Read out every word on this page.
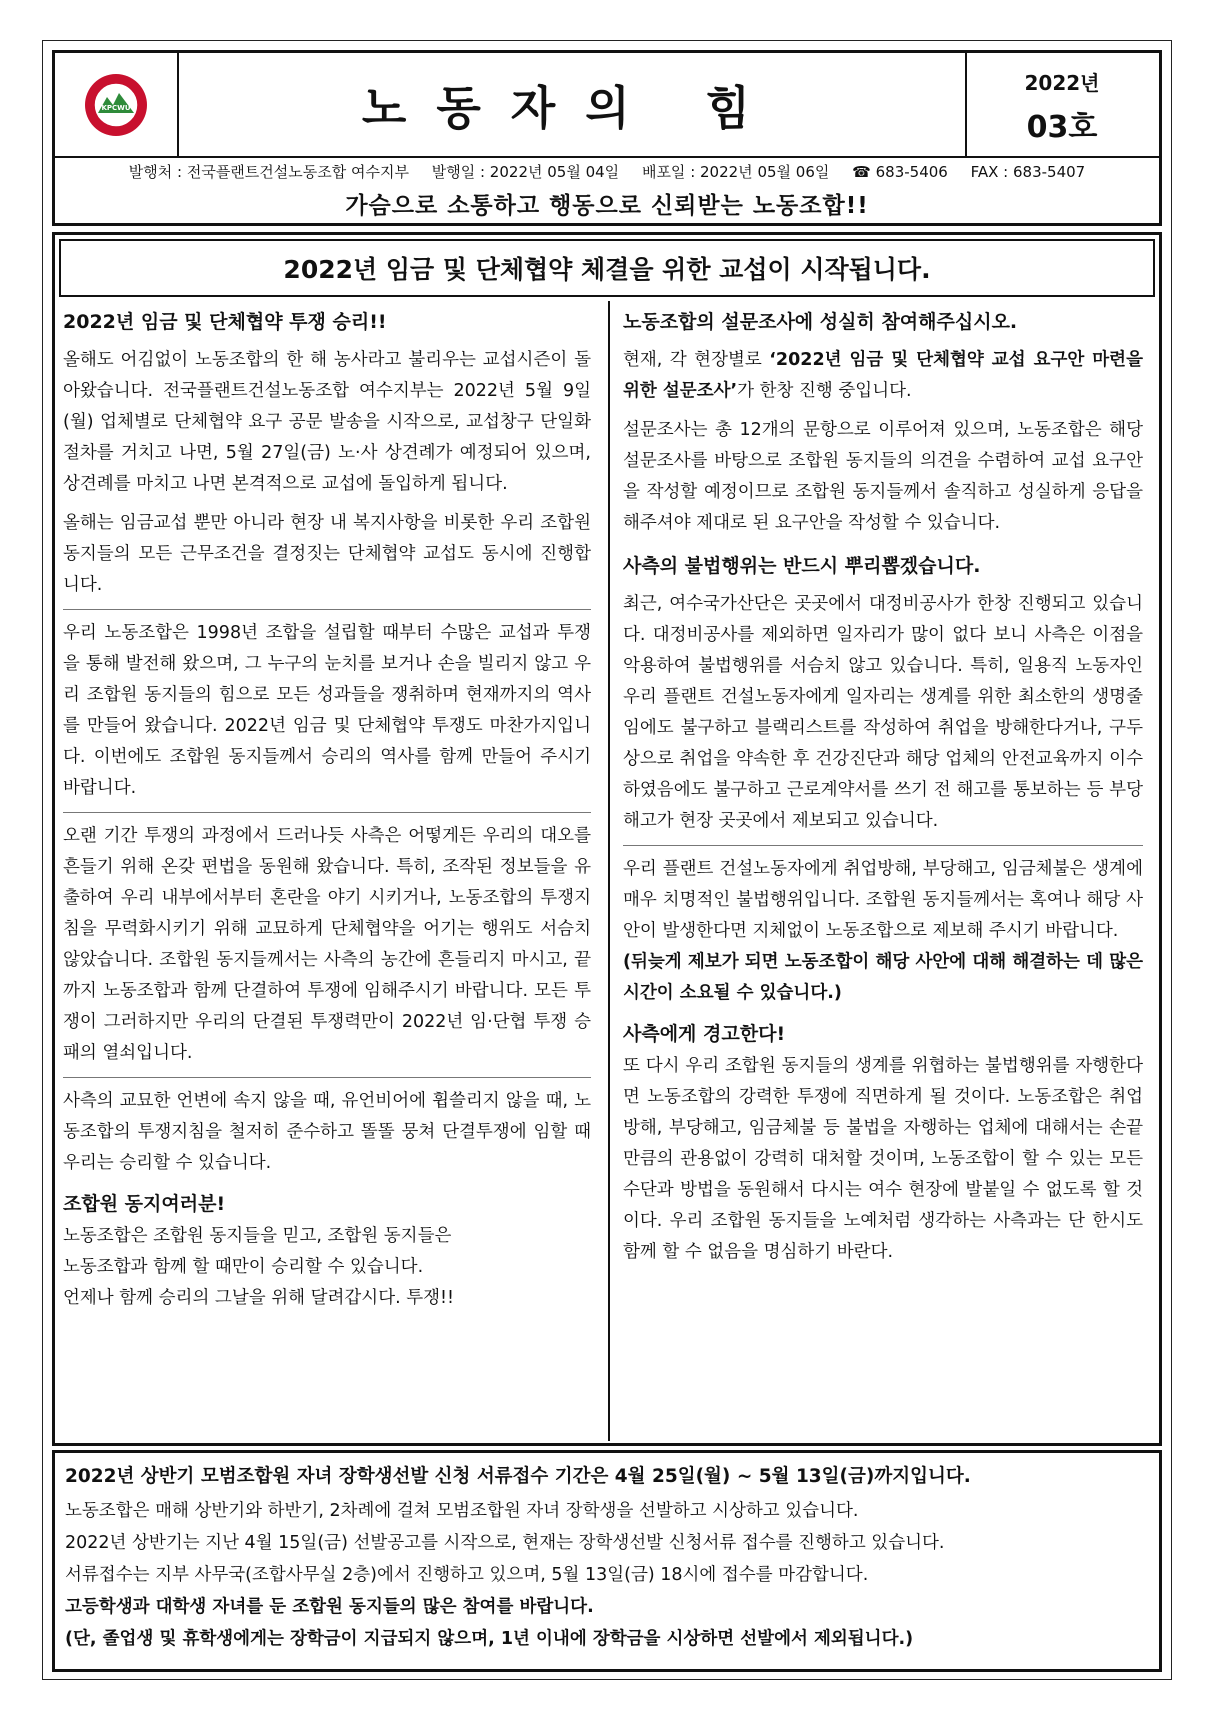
KPCWU	노동자의 힘	2022년
03호
발행처 : 전국플랜트건설노동조합 여수지부 발행일 : 2022년 05월 04일 배포일 : 2022년 05월 06일 ☎ 683-5406 FAX : 683-5407
가슴으로 소통하고 행동으로 신뢰받는 노동조합!!
2022년 임금 및 단체협약 체결을 위한 교섭이 시작됩니다.
2022년 임금 및 단체협약 투쟁 승리!!
올해도 어김없이 노동조합의 한 해 농사라고 불리우는 교섭시즌이 돌아왔습니다. 전국플랜트건설노동조합 여수지부는 2022년 5월 9일(월) 업체별로 단체협약 요구 공문 발송을 시작으로, 교섭창구 단일화 절차를 거치고 나면, 5월 27일(금) 노·사 상견례가 예정되어 있으며, 상견례를 마치고 나면 본격적으로 교섭에 돌입하게 됩니다.
올해는 임금교섭 뿐만 아니라 현장 내 복지사항을 비롯한 우리 조합원 동지들의 모든 근무조건을 결정짓는 단체협약 교섭도 동시에 진행합니다.
우리 노동조합은 1998년 조합을 설립할 때부터 수많은 교섭과 투쟁을 통해 발전해 왔으며, 그 누구의 눈치를 보거나 손을 빌리지 않고 우리 조합원 동지들의 힘으로 모든 성과들을 쟁취하며 현재까지의 역사를 만들어 왔습니다. 2022년 임금 및 단체협약 투쟁도 마찬가지입니다. 이번에도 조합원 동지들께서 승리의 역사를 함께 만들어 주시기 바랍니다.
오랜 기간 투쟁의 과정에서 드러나듯 사측은 어떻게든 우리의 대오를 흔들기 위해 온갖 편법을 동원해 왔습니다. 특히, 조작된 정보들을 유출하여 우리 내부에서부터 혼란을 야기 시키거나, 노동조합의 투쟁지침을 무력화시키기 위해 교묘하게 단체협약을 어기는 행위도 서슴치 않았습니다. 조합원 동지들께서는 사측의 농간에 흔들리지 마시고, 끝까지 노동조합과 함께 단결하여 투쟁에 임해주시기 바랍니다. 모든 투쟁이 그러하지만 우리의 단결된 투쟁력만이 2022년 임·단협 투쟁 승패의 열쇠입니다.
사측의 교묘한 언변에 속지 않을 때, 유언비어에 휩쓸리지 않을 때, 노동조합의 투쟁지침을 철저히 준수하고 똘똘 뭉쳐 단결투쟁에 임할 때 우리는 승리할 수 있습니다.
조합원 동지여러분!
노동조합은 조합원 동지들을 믿고, 조합원 동지들은
노동조합과 함께 할 때만이 승리할 수 있습니다.
언제나 함께 승리의 그날을 위해 달려갑시다. 투쟁!!
노동조합의 설문조사에 성실히 참여해주십시오.
현재, 각 현장별로 ‘2022년 임금 및 단체협약 교섭 요구안 마련을 위한 설문조사’가 한창 진행 중입니다.
설문조사는 총 12개의 문항으로 이루어져 있으며, 노동조합은 해당 설문조사를 바탕으로 조합원 동지들의 의견을 수렴하여 교섭 요구안을 작성할 예정이므로 조합원 동지들께서 솔직하고 성실하게 응답을 해주셔야 제대로 된 요구안을 작성할 수 있습니다.
사측의 불법행위는 반드시 뿌리뽑겠습니다.
최근, 여수국가산단은 곳곳에서 대정비공사가 한창 진행되고 있습니다. 대정비공사를 제외하면 일자리가 많이 없다 보니 사측은 이점을 악용하여 불법행위를 서슴치 않고 있습니다. 특히, 일용직 노동자인 우리 플랜트 건설노동자에게 일자리는 생계를 위한 최소한의 생명줄임에도 불구하고 블랙리스트를 작성하여 취업을 방해한다거나, 구두상으로 취업을 약속한 후 건강진단과 해당 업체의 안전교육까지 이수하였음에도 불구하고 근로계약서를 쓰기 전 해고를 통보하는 등 부당해고가 현장 곳곳에서 제보되고 있습니다.
우리 플랜트 건설노동자에게 취업방해, 부당해고, 임금체불은 생계에 매우 치명적인 불법행위입니다. 조합원 동지들께서는 혹여나 해당 사안이 발생한다면 지체없이 노동조합으로 제보해 주시기 바랍니다.
(뒤늦게 제보가 되면 노동조합이 해당 사안에 대해 해결하는 데 많은 시간이 소요될 수 있습니다.)
사측에게 경고한다!
또 다시 우리 조합원 동지들의 생계를 위협하는 불법행위를 자행한다면 노동조합의 강력한 투쟁에 직면하게 될 것이다. 노동조합은 취업방해, 부당해고, 임금체불 등 불법을 자행하는 업체에 대해서는 손끝만큼의 관용없이 강력히 대처할 것이며, 노동조합이 할 수 있는 모든 수단과 방법을 동원해서 다시는 여수 현장에 발붙일 수 없도록 할 것이다. 우리 조합원 동지들을 노예처럼 생각하는 사측과는 단 한시도 함께 할 수 없음을 명심하기 바란다.
2022년 상반기 모범조합원 자녀 장학생선발 신청 서류접수 기간은 4월 25일(월) ~ 5월 13일(금)까지입니다.
노동조합은 매해 상반기와 하반기, 2차례에 걸쳐 모범조합원 자녀 장학생을 선발하고 시상하고 있습니다.
2022년 상반기는 지난 4월 15일(금) 선발공고를 시작으로, 현재는 장학생선발 신청서류 접수를 진행하고 있습니다.
서류접수는 지부 사무국(조합사무실 2층)에서 진행하고 있으며, 5월 13일(금) 18시에 접수를 마감합니다.
고등학생과 대학생 자녀를 둔 조합원 동지들의 많은 참여를 바랍니다.
(단, 졸업생 및 휴학생에게는 장학금이 지급되지 않으며, 1년 이내에 장학금을 시상하면 선발에서 제외됩니다.)
